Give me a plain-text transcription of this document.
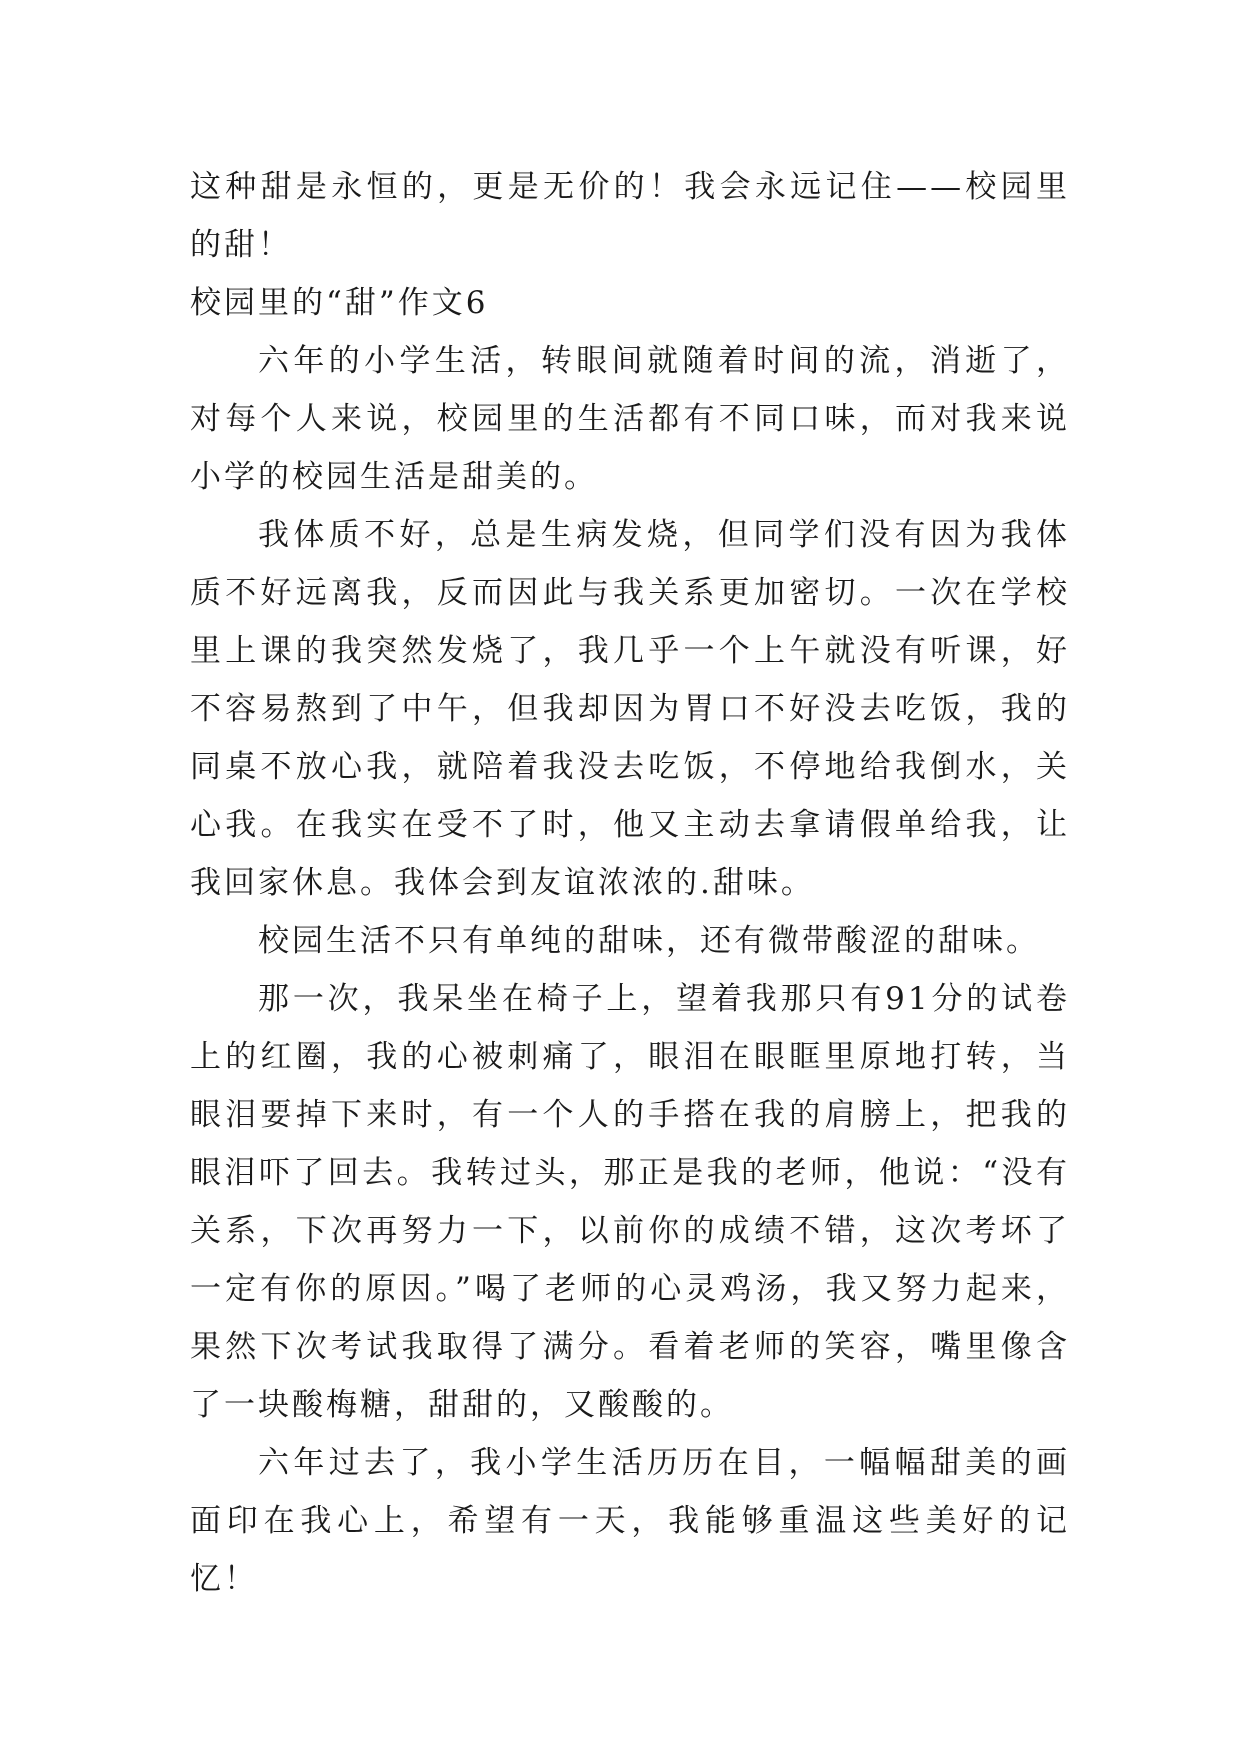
这种甜是永恒的，更是无价的！我会永远记住——校园里的甜！

校园里的“甜”作文6

六年的小学生活，转眼间就随着时间的流，消逝了，对每个人来说，校园里的生活都有不同口味，而对我来说小学的校园生活是甜美的。

我体质不好，总是生病发烧，但同学们没有因为我体质不好远离我，反而因此与我关系更加密切。一次在学校里上课的我突然发烧了，我几乎一个上午就没有听课，好不容易熬到了中午，但我却因为胃口不好没去吃饭，我的同桌不放心我，就陪着我没去吃饭，不停地给我倒水，关心我。在我实在受不了时，他又主动去拿请假单给我，让我回家休息。我体会到友谊浓浓的.甜味。

校园生活不只有单纯的甜味，还有微带酸涩的甜味。

那一次，我呆坐在椅子上，望着我那只有91分的试卷上的红圈，我的心被刺痛了，眼泪在眼眶里原地打转，当眼泪要掉下来时，有一个人的手搭在我的肩膀上，把我的眼泪吓了回去。我转过头，那正是我的老师，他说：“没有关系，下次再努力一下，以前你的成绩不错，这次考坏了一定有你的原因。”喝了老师的心灵鸡汤，我又努力起来，果然下次考试我取得了满分。看着老师的笑容，嘴里像含了一块酸梅糖，甜甜的，又酸酸的。

六年过去了，我小学生活历历在目，一幅幅甜美的画面印在我心上，希望有一天，我能够重温这些美好的记忆！
